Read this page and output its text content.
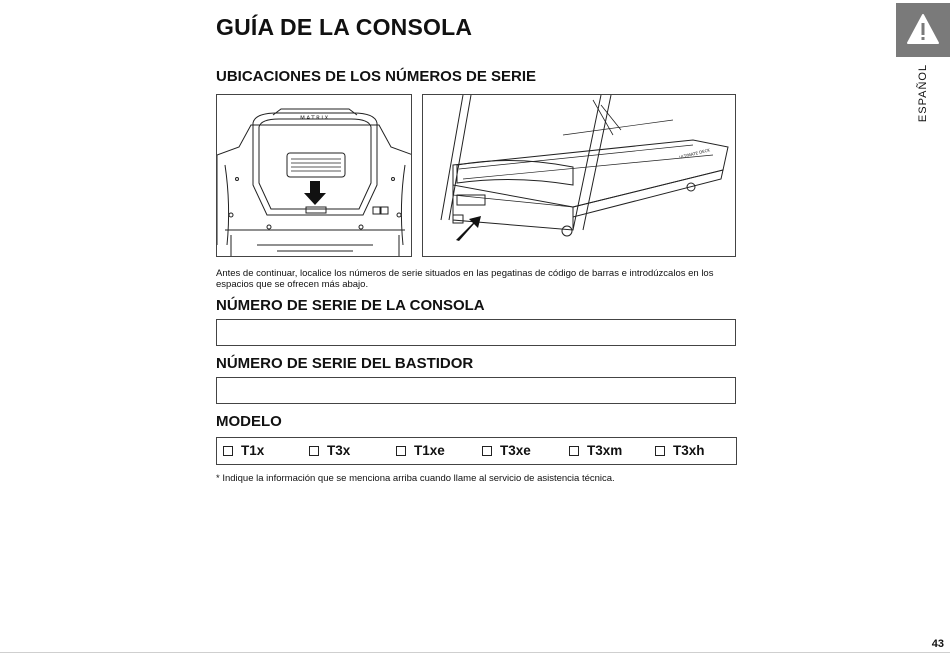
GUÍA DE LA CONSOLA
UBICACIONES DE LOS NÚMEROS DE SERIE
MATRIX
ULTIMATE DECK

Antes de continuar, localice los números de serie situados en las pegatinas de código de barras e introdúzcalos en los espacios que se ofrecen más abajo.

NÚMERO DE SERIE DE LA CONSOLA
NÚMERO DE SERIE DEL BASTIDOR
MODELO
T1x	T3x	T1xe	T3xe	T3xm	T3xh

* Indique la información que se menciona arriba cuando llame al servicio de asistencia técnica.

ESPAÑOL
43
